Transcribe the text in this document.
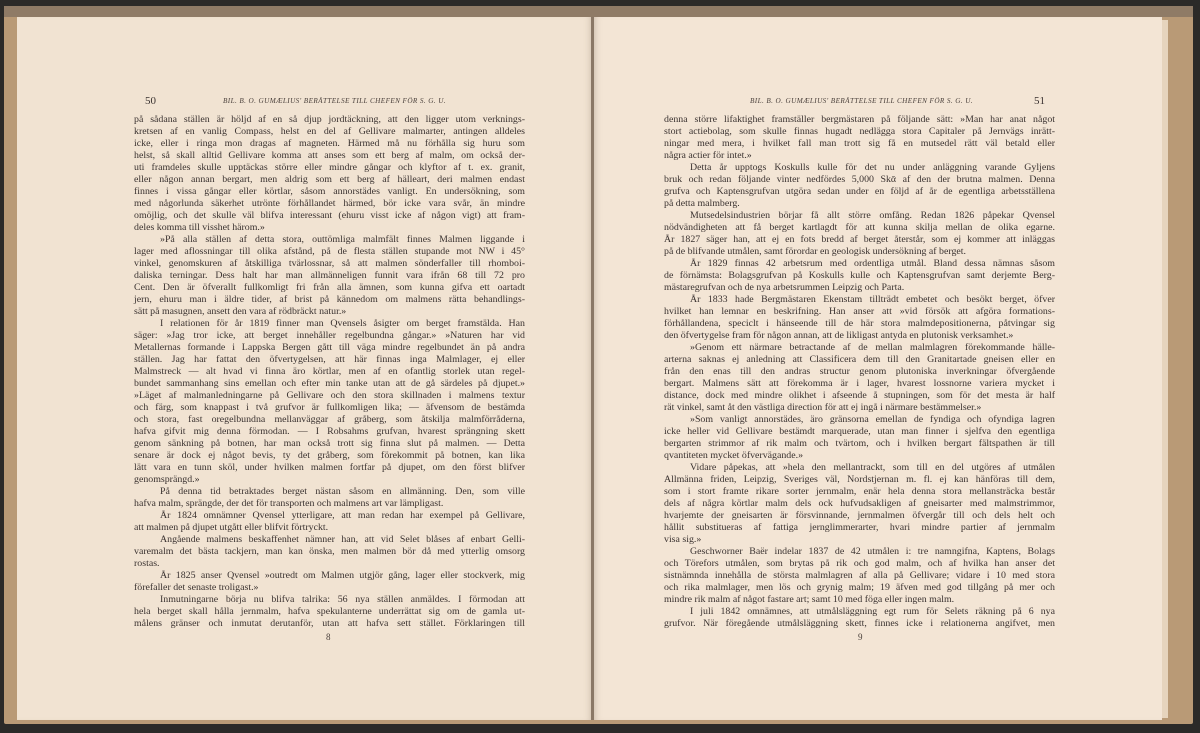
50	BIL. B. O. GUMÆLIUS' BERÄTTELSE TILL CHEFEN FÖR S. G. U.
på sådana ställen är höljd af en så djup jordtäckning, att den ligger utom verknings-
kretsen af en vanlig Compass, helst en del af Gellivare malmarter, antingen alldeles
icke, eller i ringa mon dragas af magneten. Härmed må nu förhålla sig huru som
helst, så skall alltid Gellivare komma att anses som ett berg af malm, om också der-
uti framdeles skulle upptäckas större eller mindre gångar och klyftor af t. ex. granit,
eller någon annan bergart, men aldrig som ett berg af hälleart, deri malmen endast
finnes i vissa gångar eller körtlar, såsom annorstädes vanligt. En undersökning, som
med någorlunda säkerhet utrönte förhållandet härmed, bör icke vara svår, än mindre
omöjlig, och det skulle väl blifva interessant (ehuru visst icke af någon vigt) att fram-
deles komma till visshet härom.»
»På alla ställen af detta stora, outtömliga malmfält finnes Malmen liggande i
lager med aflossningar till olika afstånd, på de flesta ställen stupande mot NW i 45°
vinkel, genomskuren af åtskilliga tvärlossnar, så att malmen sönderfaller till rhomboi-
daliska terningar. Dess halt har man allmänneligen funnit vara ifrån 68 till 72 pro
Cent. Den är öfverallt fullkomligt fri från alla ämnen, som kunna gifva ett oartadt
jern, ehuru man i äldre tider, af brist på kännedom om malmens rätta behandlings-
sätt på masugnen, ansett den vara af rödbräckt natur.»
I relationen för år 1819 finner man Qvensels åsigter om berget framstälda. Han
säger: »Jag tror icke, att berget innehåller regelbundna gångar.» »Naturen har vid
Metallernas formande i Lappska Bergen gått till väga mindre regelbundet än på andra
ställen. Jag har fattat den öfvertygelsen, att här finnas inga Malmlager, ej eller
Malmstreck — alt hvad vi finna äro körtlar, men af en ofantlig storlek utan regel-
bundet sammanhang sins emellan och efter min tanke utan att de gå särdeles på djupet.»
»Läget af malmanledningarne på Gellivare och den stora skillnaden i malmens textur
och färg, som knappast i två grufvor är fullkomligen lika; — äfvensom de bestämda
och stora, fast oregelbundna mellanväggar af gråberg, som åtskilja malmförråderna,
hafva gifvit mig denna förmodan. — I Robsahms grufvan, hvarest sprängning skett
genom sänkning på botnen, har man också trott sig finna slut på malmen. — Detta
senare är dock ej något bevis, ty det gråberg, som förekommit på botnen, kan lika
lätt vara en tunn sköl, under hvilken malmen fortfar på djupet, om den först blifver
genomsprängd.»
På denna tid betraktades berget nästan såsom en allmänning. Den, som ville
hafva malm, sprängde, der det för transporten och malmens art var lämpligast.
År 1824 omnämner Qvensel ytterligare, att man redan har exempel på Gellivare,
att malmen på djupet utgått eller blifvit förtryckt.
Angående malmens beskaffenhet nämner han, att vid Selet blåses af enbart Gelli-
varemalm det bästa tackjern, man kan önska, men malmen bör då med ytterlig omsorg
rostas.
År 1825 anser Qvensel »outredt om Malmen utgjör gång, lager eller stockverk, mig
förefaller det senaste troligast.»
Inmutningarne börja nu blifva talrika: 56 nya ställen anmäldes. I förmodan att
hela berget skall hålla jernmalm, hafva spekulanterne underrättat sig om de gamla ut-
målens gränser och inmutat derutanför, utan att hafva sett stället. Förklaringen till
8
51
BIL. B. O. GUMÆLIUS' BERÄTTELSE TILL CHEFEN FÖR S. G. U.
denna större lifaktighet framställer bergmästaren på följande sätt: »Man har anat något
stort actiebolag, som skulle finnas hugadt nedlägga stora Capitaler på Jernvägs inrätt-
ningar med mera, i hvilket fall man trott sig få en mutsedel rätt väl betald eller
några actier för intet.»
Detta år upptogs Koskulls kulle för det nu under anläggning varande Gyljens
bruk och redan följande vinter nedfördes 5,000 Skᾱ af den der brutna malmen. Denna
grufva och Kaptensgrufvan utgöra sedan under en följd af år de egentliga arbetsställena
på detta malmberg.
Mutsedelsindustrien börjar få allt större omfång. Redan 1826 påpekar Qvensel
nödvändigheten att få berget kartlagdt för att kunna skilja mellan de olika egarne.
År 1827 säger han, att ej en fots bredd af berget återstår, som ej kommer att inläggas
på de blifvande utmålen, samt förordar en geologisk undersökning af berget.
År 1829 finnas 42 arbetsrum med ordentliga utmål. Bland dessa nämnas såsom
de förnämsta: Bolagsgrufvan på Koskulls kulle och Kaptensgrufvan samt derjemte Berg-
mästaregrufvan och de nya arbetsrummen Leipzig och Parta.
År 1833 hade Bergmästaren Ekenstam tillträdt embetet och besökt berget, öfver
hvilket han lemnar en beskrifning. Han anser att »vid försök att afgöra formations-
förhållandena, speciclt i hänseende till de här stora malmdepositionerna, påtvingar sig
den öfvertygelse fram för någon annan, att de likligast antyda en plutonisk verksamhet.»
»Genom ett närmare betractande af de mellan malmlagren förekommande hälle-
arterna saknas ej anledning att Classificera dem till den Granitartade gneisen eller en
från den enas till den andras structur genom plutoniska inverkningar öfvergående
bergart. Malmens sätt att förekomma är i lager, hvarest lossnorne variera mycket i
distance, dock med mindre olikhet i afseende å stupningen, som för det mesta är half
rät vinkel, samt åt den västliga direction för att ej ingå i närmare bestämmelser.»
»Som vanligt annorstädes, äro gränsorna emellan de fyndiga och ofyndiga lagren
icke heller vid Gellivare bestämdt marquerade, utan man finner i sjelfva den egentliga
bergarten strimmor af rik malm och tvärtom, och i hvilken bergart fältspathen är till
qvantiteten mycket öfvervägande.»
Vidare påpekas, att »hela den mellantrackt, som till en del utgöres af utmålen
Allmänna friden, Leipzig, Sveriges väl, Nordstjernan m. fl. ej kan hänföras till dem,
som i stort framte rikare sorter jernmalm, enär hela denna stora mellansträcka består
dels af några körtlar malm dels ock hufvudsakligen af gneisarter med malmstrimmor,
hvarjemte der gneisarten är försvinnande, jernmalmen öfvergår till och dels helt och
hållit substitueras af fattiga jernglimmerarter, hvari mindre partier af jernmalm
visa sig.»
Geschworner Baër indelar 1837 de 42 utmålen i: tre namngifna, Kaptens, Bolags
och Törefors utmålen, som brytas på rik och god malm, och af hvilka han anser det
sistnämnda innehålla de största malmlagren af alla på Gellivare; vidare i 10 med stora
och rika malmlager, men lös och grynig malm; 19 äfven med god tillgång på mer och
mindre rik malm af något fastare art; samt 10 med föga eller ingen malm.
I juli 1842 omnämnes, att utmålsläggning egt rum för Selets räkning på 6 nya
grufvor. När föregående utmålsläggning skett, finnes icke i relationerna angifvet, men
9
